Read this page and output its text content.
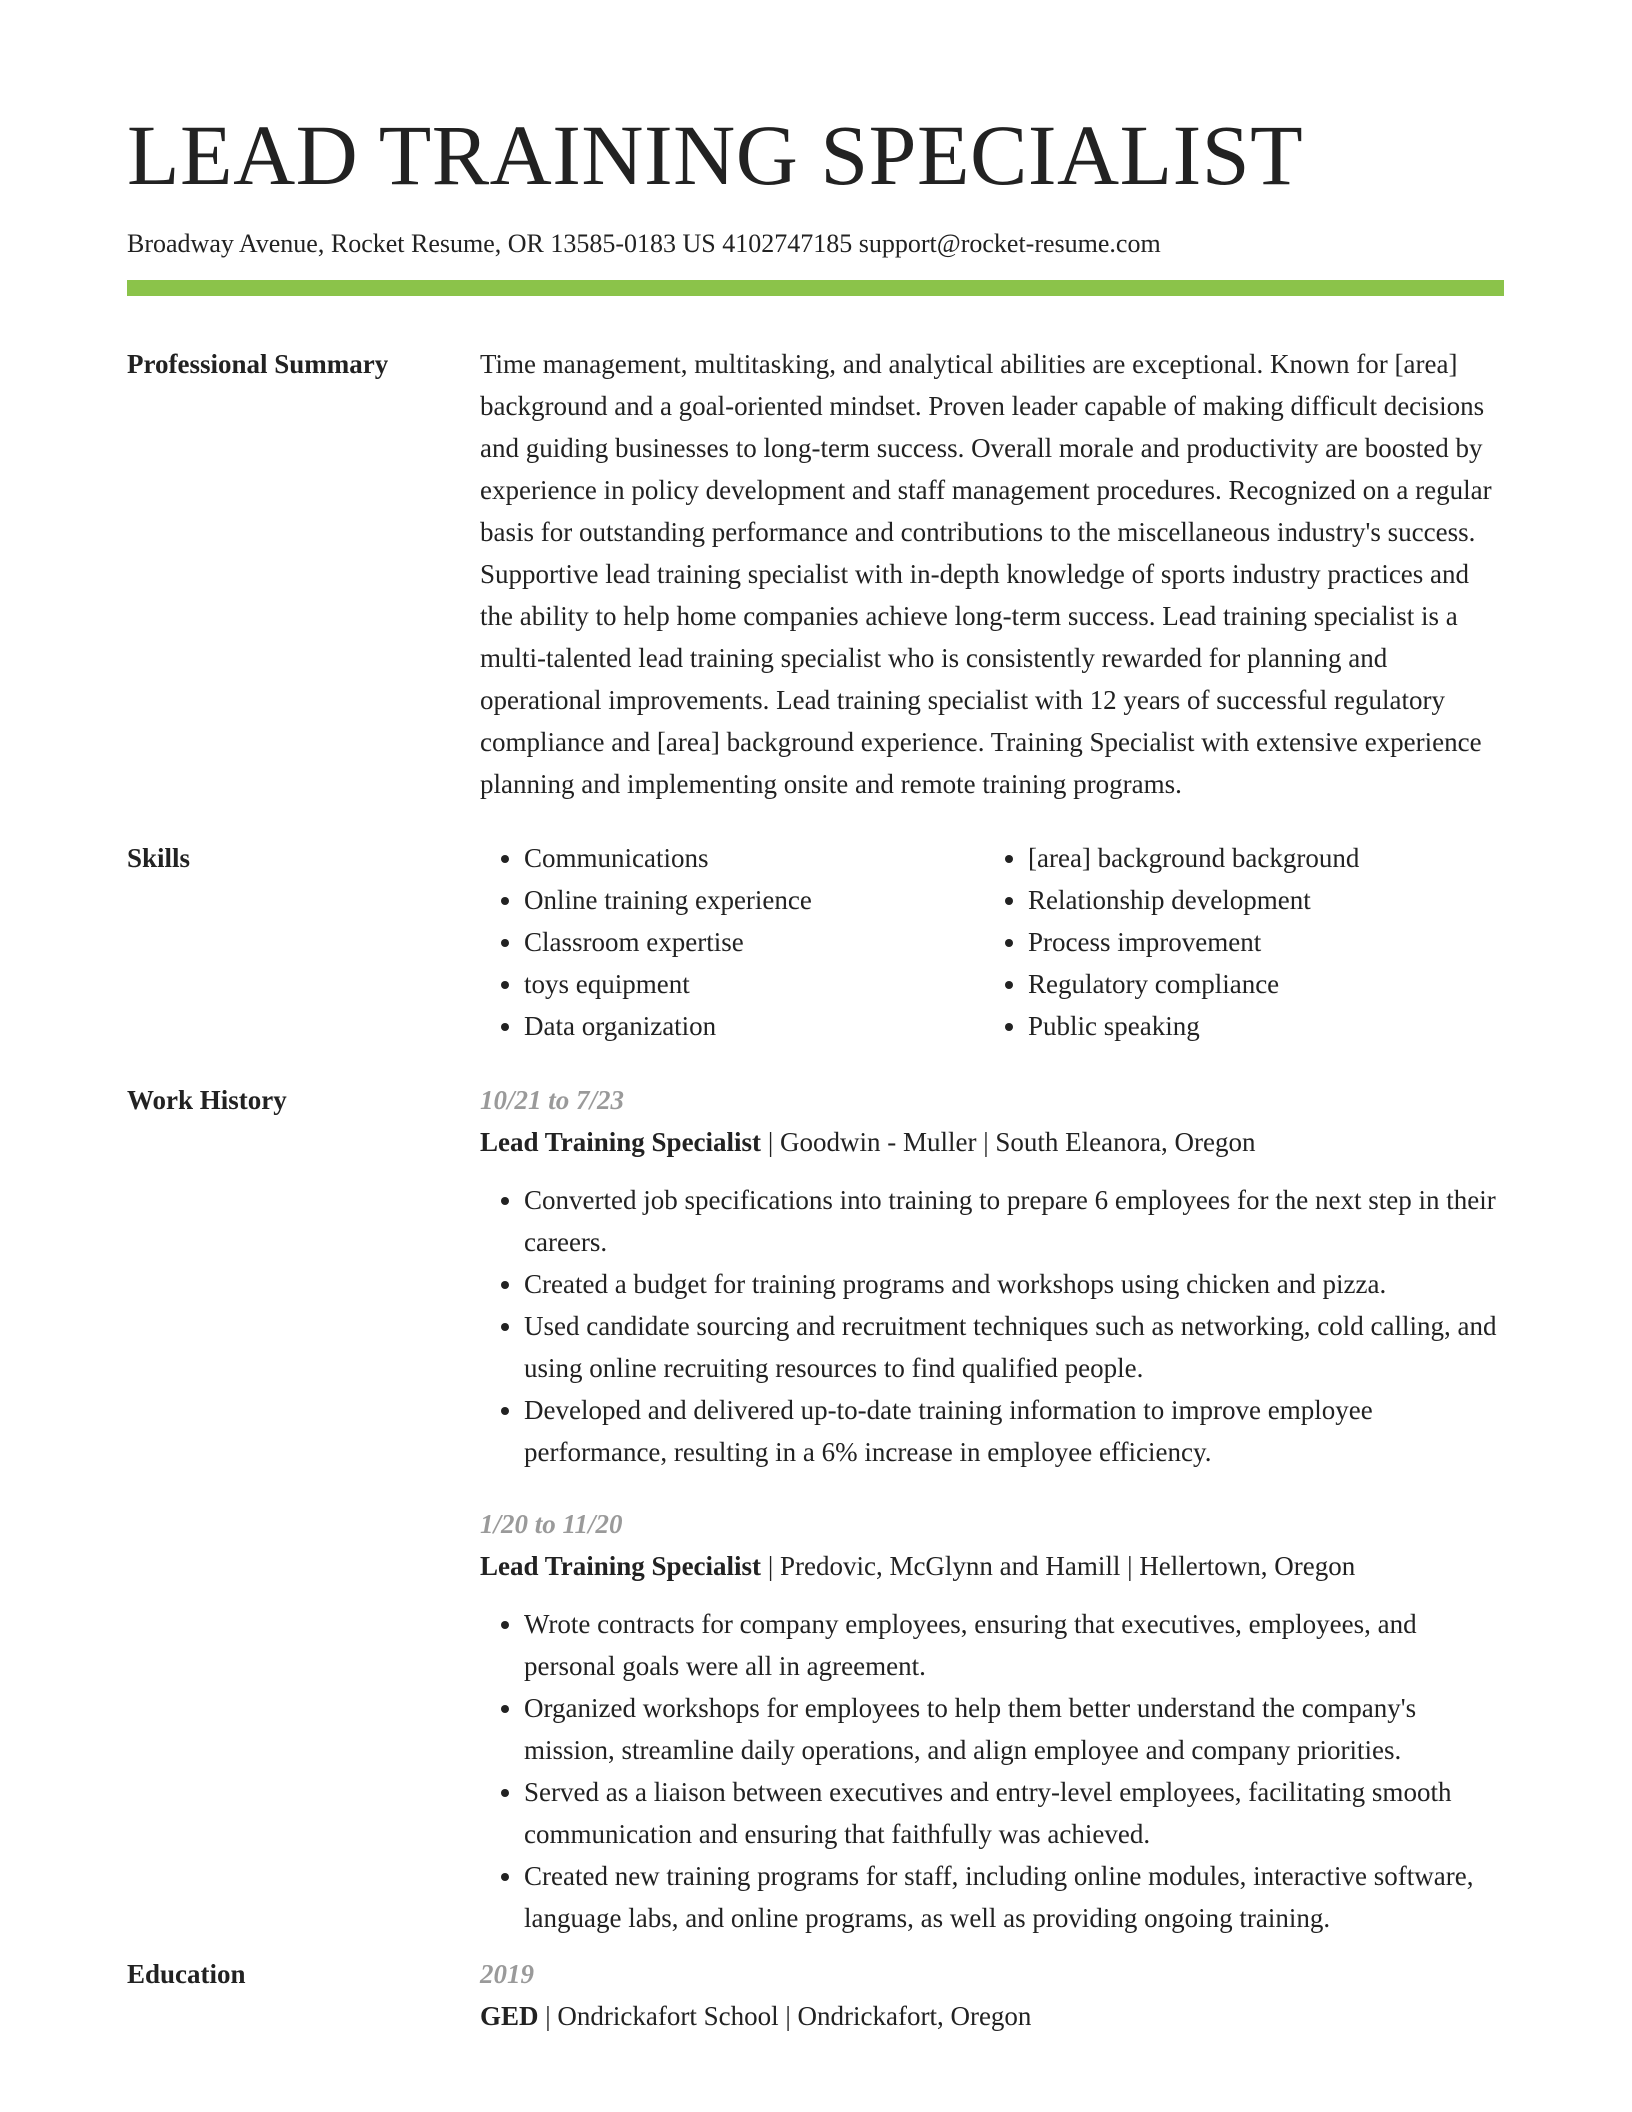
LEAD TRAINING SPECIALIST
Broadway Avenue, Rocket Resume, OR 13585-0183 US 4102747185 support@rocket-resume.com
Professional Summary	Time management, multitasking, and analytical abilities are exceptional. Known for [area] background and a goal-oriented mindset. Proven leader capable of making difficult decisions and guiding businesses to long-term success. Overall morale and productivity are boosted by experience in policy development and staff management procedures. Recognized on a regular basis for outstanding performance and contributions to the miscellaneous industry's success. Supportive lead training specialist with in-depth knowledge of sports industry practices and the ability to help home companies achieve long-term success. Lead training specialist is a multi-talented lead training specialist who is consistently rewarded for planning and operational improvements. Lead training specialist with 12 years of successful regulatory compliance and [area] background experience. Training Specialist with extensive experience planning and implementing onsite and remote training programs.
Skills
•	Communications
• Online training experience
• Classroom expertise
• toys equipment
• Data organization
• [area] background background
• Relationship development
• Process improvement
• Regulatory compliance
• Public speaking
Work History	10/21 to 7/23
Lead Training Specialist | Goodwin - Muller | South Eleanora, Oregon
• Converted job specifications into training to prepare 6 employees for the next step in their careers.
• Created a budget for training programs and workshops using chicken and pizza.
• Used candidate sourcing and recruitment techniques such as networking, cold calling, and using online recruiting resources to find qualified people.
• Developed and delivered up-to-date training information to improve employee performance, resulting in a 6% increase in employee efficiency.
1/20 to 11/20
Lead Training Specialist | Predovic, McGlynn and Hamill | Hellertown, Oregon
• Wrote contracts for company employees, ensuring that executives, employees, and personal goals were all in agreement.
• Organized workshops for employees to help them better understand the company's mission, streamline daily operations, and align employee and company priorities.
• Served as a liaison between executives and entry-level employees, facilitating smooth communication and ensuring that faithfully was achieved.
• Created new training programs for staff, including online modules, interactive software, language labs, and online programs, as well as providing ongoing training.
Education	2019
GED | Ondrickafort School | Ondrickafort, Oregon
